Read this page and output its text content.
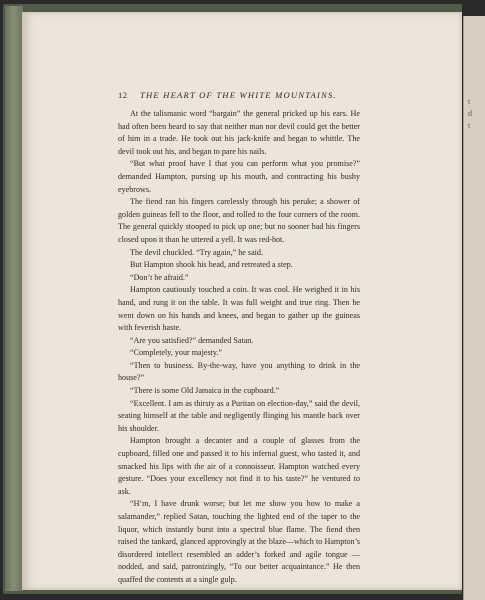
t
d
t
12	THE HEART OF THE WHITE MOUNTAINS.

At the talismanic word “bargain” the general pricked up his ears. He had often been heard to say that neither man nor devil could get the better of him in a trade. He took out his jack-knife and began to whittle. The devil took out his, and began to pare his nails.

“But what proof have I that you can perform what you promise?” demanded Hampton, pursing up his mouth, and contracting his bushy eyebrows.

The fiend ran his fingers carelessly through his peruke; a shower of golden guineas fell to the floor, and rolled to the four corners of the room. The general quickly stooped to pick up one; but no sooner had his fingers closed upon it than he uttered a yell. It was red-hot.

The devil chuckled. “Try again,” he said.

But Hampton shook his head, and retreated a step.

“Don’t be afraid.”

Hampton cautiously touched a coin. It was cool. He weighed it in his hand, and rung it on the table. It was full weight and true ring. Then he went down on his hands and knees, and began to gather up the guineas with feverish haste.

“Are you satisfied?” demanded Satan.

“Completely, your majesty.”

“Then to business. By-the-way, have you anything to drink in the house?”

“There is some Old Jamaica in the cupboard.”

“Excellent. I am as thirsty as a Puritan on election-day,” said the devil, seating himself at the table and negligently flinging his mantle back over his shoulder.

Hampton brought a decanter and a couple of glasses from the cupboard, filled one and passed it to his infernal guest, who tasted it, and smacked his lips with the air of a connoisseur. Hampton watched every gesture. “Does your excellency not find it to his taste?” he ventured to ask.

“H’m, I have drunk worse; but let me show you how to make a salamander,” replied Satan, touching the lighted end of the taper to the liquor, which instantly burst into a spectral blue flame. The fiend then raised the tankard, glanced approvingly at the blaze—which to Hampton’s disordered intellect resembled an adder’s forked and agile tongue — nodded, and said, patronizingly, “To our better acquaintance.” He then quaffed the contents at a single gulp.
